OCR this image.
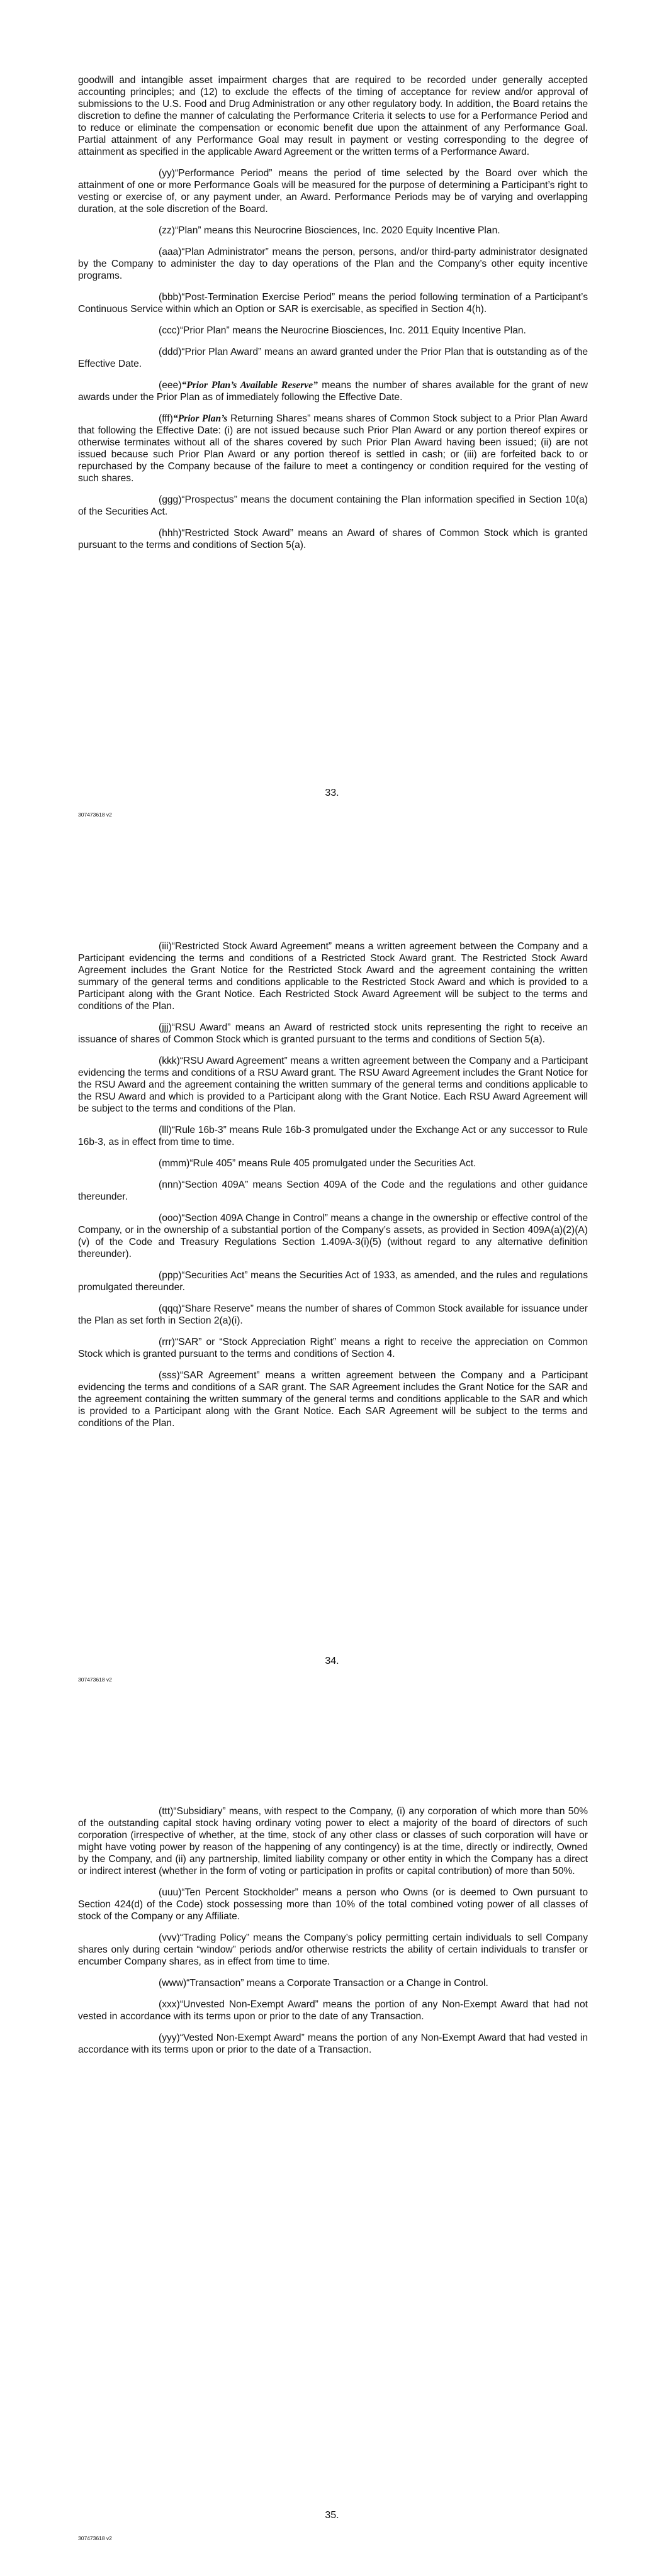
goodwill and intangible asset impairment charges that are required to be recorded under generally accepted accounting principles; and (12) to exclude the effects of the timing of acceptance for review and/or approval of submissions to the U.S. Food and Drug Administration or any other regulatory body. In addition, the Board retains the discretion to define the manner of calculating the Performance Criteria it selects to use for a Performance Period and to reduce or eliminate the compensation or economic benefit due upon the attainment of any Performance Goal. Partial attainment of any Performance Goal may result in payment or vesting corresponding to the degree of attainment as specified in the applicable Award Agreement or the written terms of a Performance Award.

(yy)“Performance Period” means the period of time selected by the Board over which the attainment of one or more Performance Goals will be measured for the purpose of determining a Participant’s right to vesting or exercise of, or any payment under, an Award. Performance Periods may be of varying and overlapping duration, at the sole discretion of the Board.

(zz)“Plan” means this Neurocrine Biosciences, Inc. 2020 Equity Incentive Plan.

(aaa)“Plan Administrator” means the person, persons, and/or third-party administrator designated by the Company to administer the day to day operations of the Plan and the Company’s other equity incentive programs.

(bbb)“Post-Termination Exercise Period” means the period following termination of a Participant’s Continuous Service within which an Option or SAR is exercisable, as specified in Section 4(h).

(ccc)“Prior Plan” means the Neurocrine Biosciences, Inc. 2011 Equity Incentive Plan.

(ddd)“Prior Plan Award” means an award granted under the Prior Plan that is outstanding as of the Effective Date.

(eee)“Prior Plan’s Available Reserve” means the number of shares available for the grant of new awards under the Prior Plan as of immediately following the Effective Date.

(fff)“Prior Plan’s Returning Shares” means shares of Common Stock subject to a Prior Plan Award that following the Effective Date: (i) are not issued because such Prior Plan Award or any portion thereof expires or otherwise terminates without all of the shares covered by such Prior Plan Award having been issued; (ii) are not issued because such Prior Plan Award or any portion thereof is settled in cash; or (iii) are forfeited back to or repurchased by the Company because of the failure to meet a contingency or condition required for the vesting of such shares.

(ggg)“Prospectus” means the document containing the Plan information specified in Section 10(a) of the Securities Act.

(hhh)“Restricted Stock Award” means an Award of shares of Common Stock which is granted pursuant to the terms and conditions of Section 5(a).

33.
307473618 v2

(iii)“Restricted Stock Award Agreement” means a written agreement between the Company and a Participant evidencing the terms and conditions of a Restricted Stock Award grant. The Restricted Stock Award Agreement includes the Grant Notice for the Restricted Stock Award and the agreement containing the written summary of the general terms and conditions applicable to the Restricted Stock Award and which is provided to a Participant along with the Grant Notice. Each Restricted Stock Award Agreement will be subject to the terms and conditions of the Plan.

(jjj)“RSU Award” means an Award of restricted stock units representing the right to receive an issuance of shares of Common Stock which is granted pursuant to the terms and conditions of Section 5(a).

(kkk)“RSU Award Agreement” means a written agreement between the Company and a Participant evidencing the terms and conditions of a RSU Award grant. The RSU Award Agreement includes the Grant Notice for the RSU Award and the agreement containing the written summary of the general terms and conditions applicable to the RSU Award and which is provided to a Participant along with the Grant Notice. Each RSU Award Agreement will be subject to the terms and conditions of the Plan.

(lll)“Rule 16b-3” means Rule 16b-3 promulgated under the Exchange Act or any successor to Rule 16b-3, as in effect from time to time.

(mmm)“Rule 405” means Rule 405 promulgated under the Securities Act.

(nnn)“Section 409A” means Section 409A of the Code and the regulations and other guidance thereunder.

(ooo)“Section 409A Change in Control” means a change in the ownership or effective control of the Company, or in the ownership of a substantial portion of the Company’s assets, as provided in Section 409A(a)(2)(A)(v) of the Code and Treasury Regulations Section 1.409A-3(i)(5) (without regard to any alternative definition thereunder).

(ppp)“Securities Act” means the Securities Act of 1933, as amended, and the rules and regulations promulgated thereunder.

(qqq)“Share Reserve” means the number of shares of Common Stock available for issuance under the Plan as set forth in Section 2(a)(i).

(rrr)“SAR” or “Stock Appreciation Right” means a right to receive the appreciation on Common Stock which is granted pursuant to the terms and conditions of Section 4.

(sss)“SAR Agreement” means a written agreement between the Company and a Participant evidencing the terms and conditions of a SAR grant. The SAR Agreement includes the Grant Notice for the SAR and the agreement containing the written summary of the general terms and conditions applicable to the SAR and which is provided to a Participant along with the Grant Notice. Each SAR Agreement will be subject to the terms and conditions of the Plan.

34.
307473618 v2

(ttt)“Subsidiary” means, with respect to the Company, (i) any corporation of which more than 50% of the outstanding capital stock having ordinary voting power to elect a majority of the board of directors of such corporation (irrespective of whether, at the time, stock of any other class or classes of such corporation will have or might have voting power by reason of the happening of any contingency) is at the time, directly or indirectly, Owned by the Company, and (ii) any partnership, limited liability company or other entity in which the Company has a direct or indirect interest (whether in the form of voting or participation in profits or capital contribution) of more than 50%.

(uuu)“Ten Percent Stockholder” means a person who Owns (or is deemed to Own pursuant to Section 424(d) of the Code) stock possessing more than 10% of the total combined voting power of all classes of stock of the Company or any Affiliate.

(vvv)“Trading Policy” means the Company’s policy permitting certain individuals to sell Company shares only during certain “window” periods and/or otherwise restricts the ability of certain individuals to transfer or encumber Company shares, as in effect from time to time.

(www)“Transaction” means a Corporate Transaction or a Change in Control.

(xxx)“Unvested Non-Exempt Award” means the portion of any Non-Exempt Award that had not vested in accordance with its terms upon or prior to the date of any Transaction.

(yyy)“Vested Non-Exempt Award” means the portion of any Non-Exempt Award that had vested in accordance with its terms upon or prior to the date of a Transaction.

35.
307473618 v2
